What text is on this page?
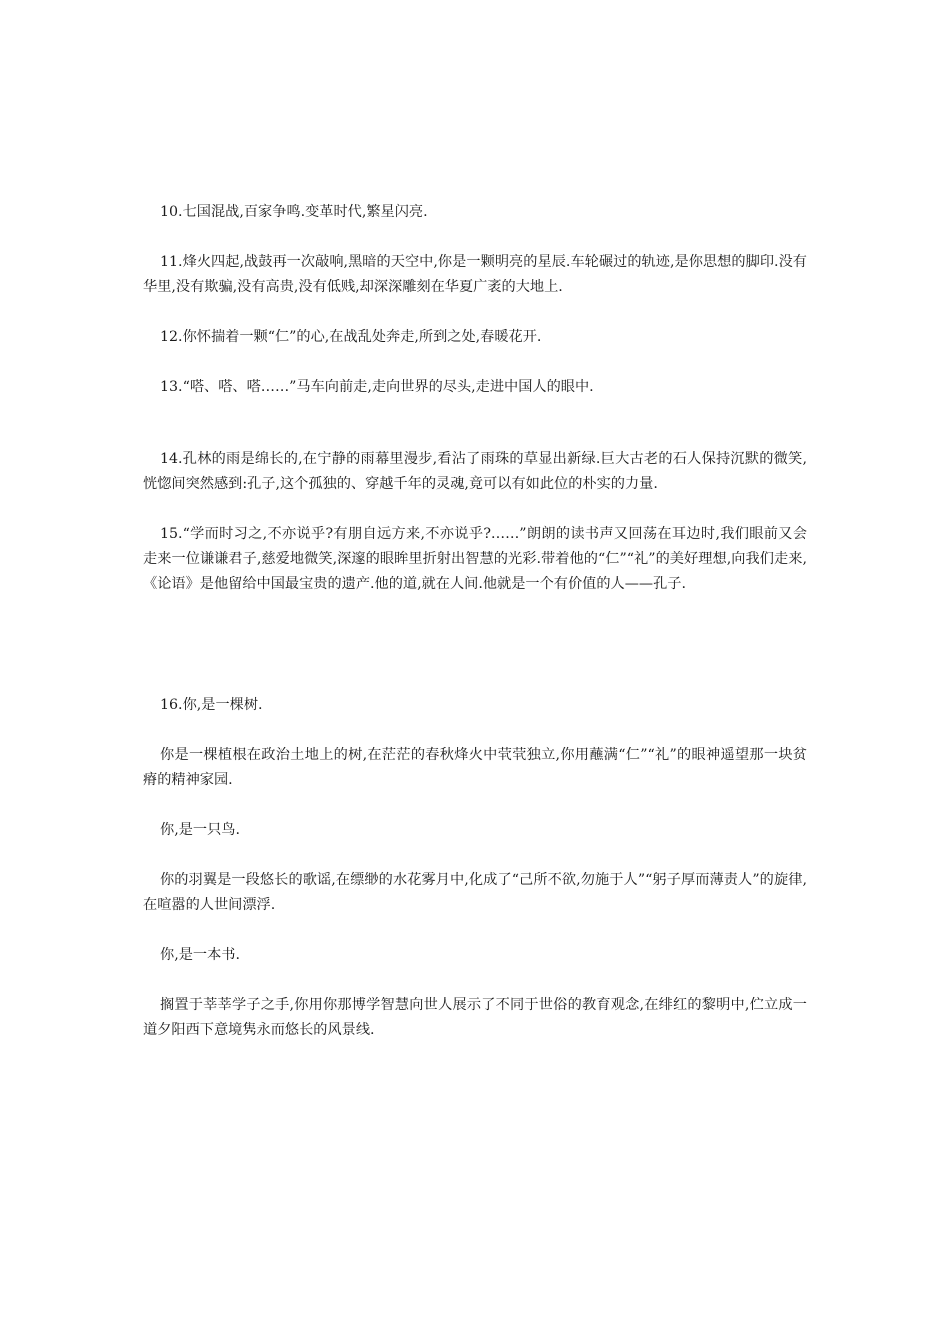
10.七国混战,百家争鸣.变革时代,繁星闪亮.

11.烽火四起,战鼓再一次敲响,黑暗的天空中,你是一颗明亮的星辰.车轮碾过的轨迹,是你思想的脚印.没有华里,没有欺骗,没有高贵,没有低贱,却深深雕刻在华夏广袤的大地上.

12.你怀揣着一颗“仁”的心,在战乱处奔走,所到之处,春暖花开.

13.“嗒、嗒、嗒……”马车向前走,走向世界的尽头,走进中国人的眼中.

14.孔林的雨是绵长的,在宁静的雨幕里漫步,看沾了雨珠的草显出新绿.巨大古老的石人保持沉默的微笑,恍惚间突然感到:孔子,这个孤独的、穿越千年的灵魂,竟可以有如此位的朴实的力量.

15.“学而时习之,不亦说乎?有朋自远方来,不亦说乎?……”朗朗的读书声又回荡在耳边时,我们眼前又会走来一位谦谦君子,慈爱地微笑,深邃的眼眸里折射出智慧的光彩.带着他的“仁”“礼”的美好理想,向我们走来,《论语》是他留给中国最宝贵的遗产.他的道,就在人间.他就是一个有价值的人——孔子.

16.你,是一棵树.

你是一棵植根在政治土地上的树,在茫茫的春秋烽火中茕茕独立,你用蘸满“仁”“礼”的眼神遥望那一块贫瘠的精神家园.

你,是一只鸟.

你的羽翼是一段悠长的歌谣,在缥缈的水花雾月中,化成了“己所不欲,勿施于人”“躬子厚而薄责人”的旋律,在喧嚣的人世间漂浮.

你,是一本书.

搁置于莘莘学子之手,你用你那博学智慧向世人展示了不同于世俗的教育观念,在绯红的黎明中,伫立成一道夕阳西下意境隽永而悠长的风景线.
